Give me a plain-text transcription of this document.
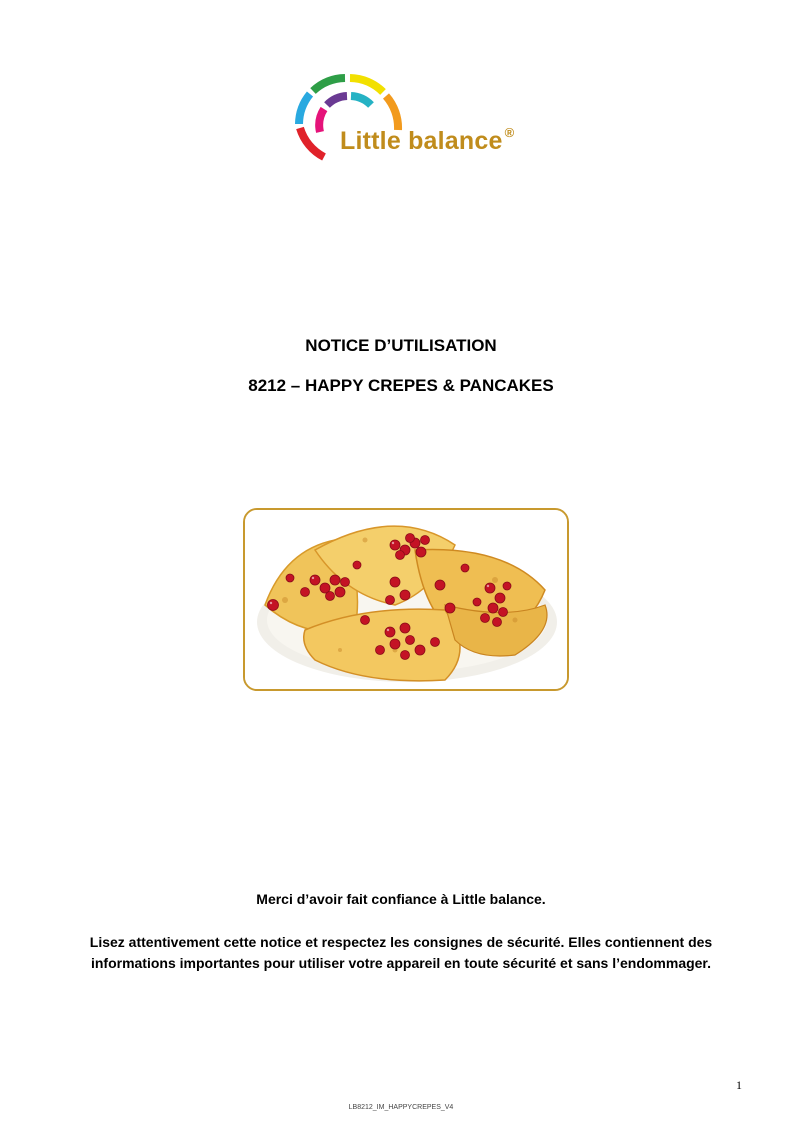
Little balance ®
NOTICE D’UTILISATION
8212 – HAPPY CREPES & PANCAKES
Merci d’avoir fait confiance à Little balance.
Lisez attentivement cette notice et respectez les consignes de sécurité. Elles contiennent des informations importantes pour utiliser votre appareil en toute sécurité et sans l’endommager.
1
LB8212_IM_HAPPYCREPES_V4
